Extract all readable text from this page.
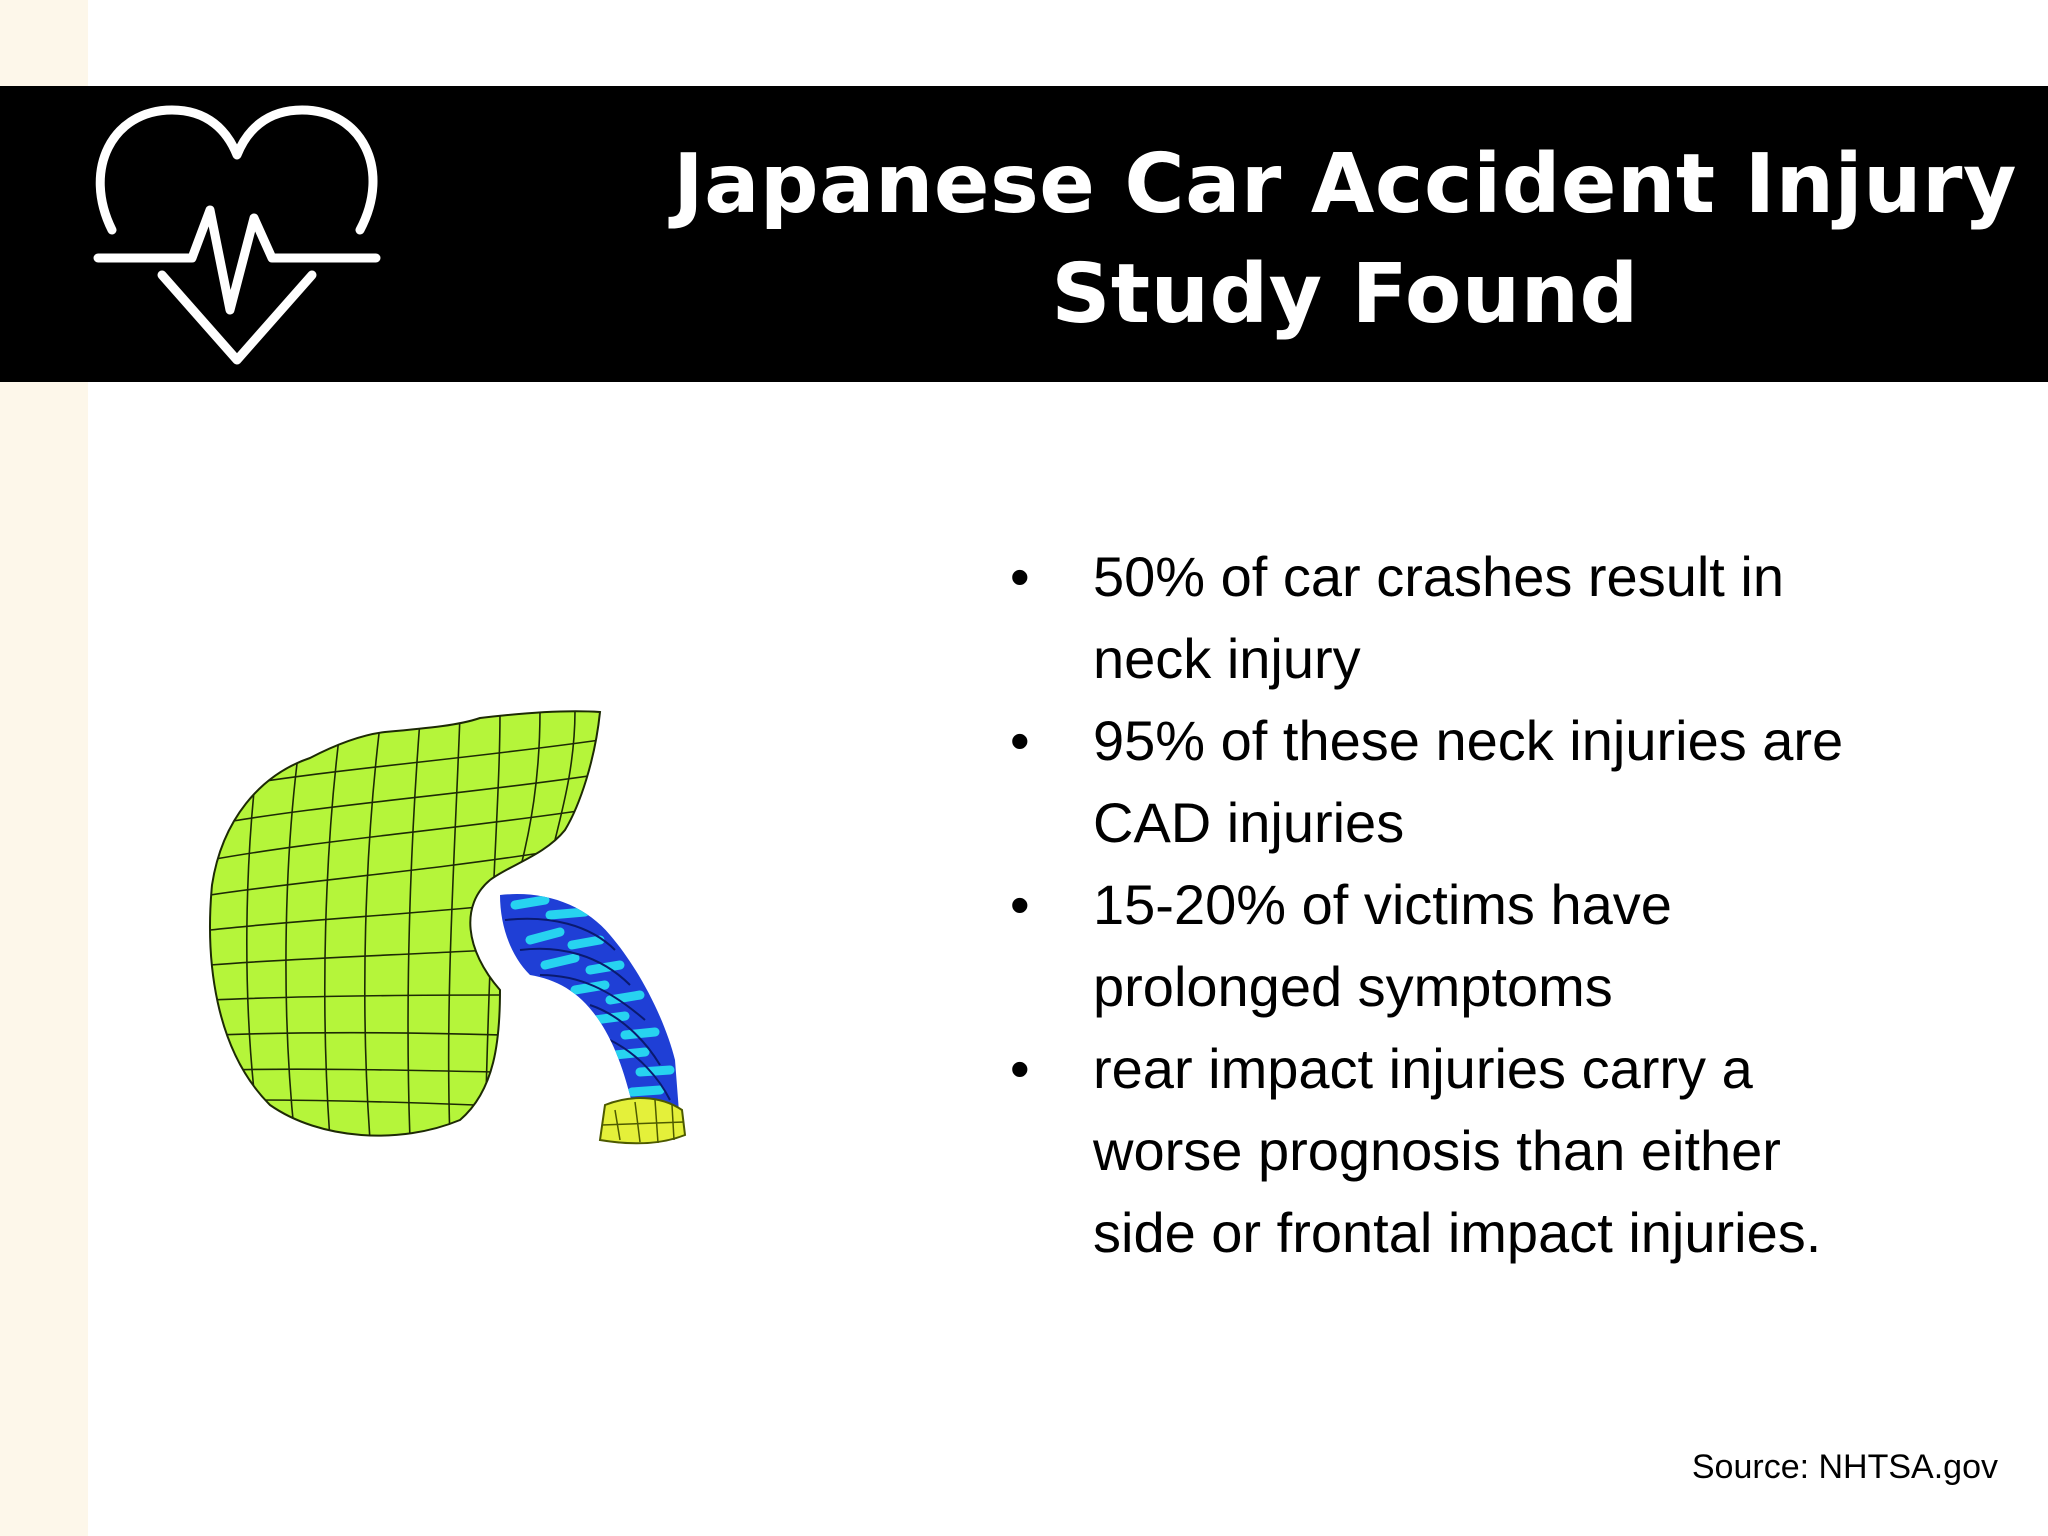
Japanese Car Accident Injury
Study Found
• 50% of car crashes result in
neck injury
• 95% of these neck injuries are
CAD injuries
• 15-20% of victims have
prolonged symptoms
• rear impact injuries carry a
worse prognosis than either
side or frontal impact injuries.
Source: NHTSA.gov
